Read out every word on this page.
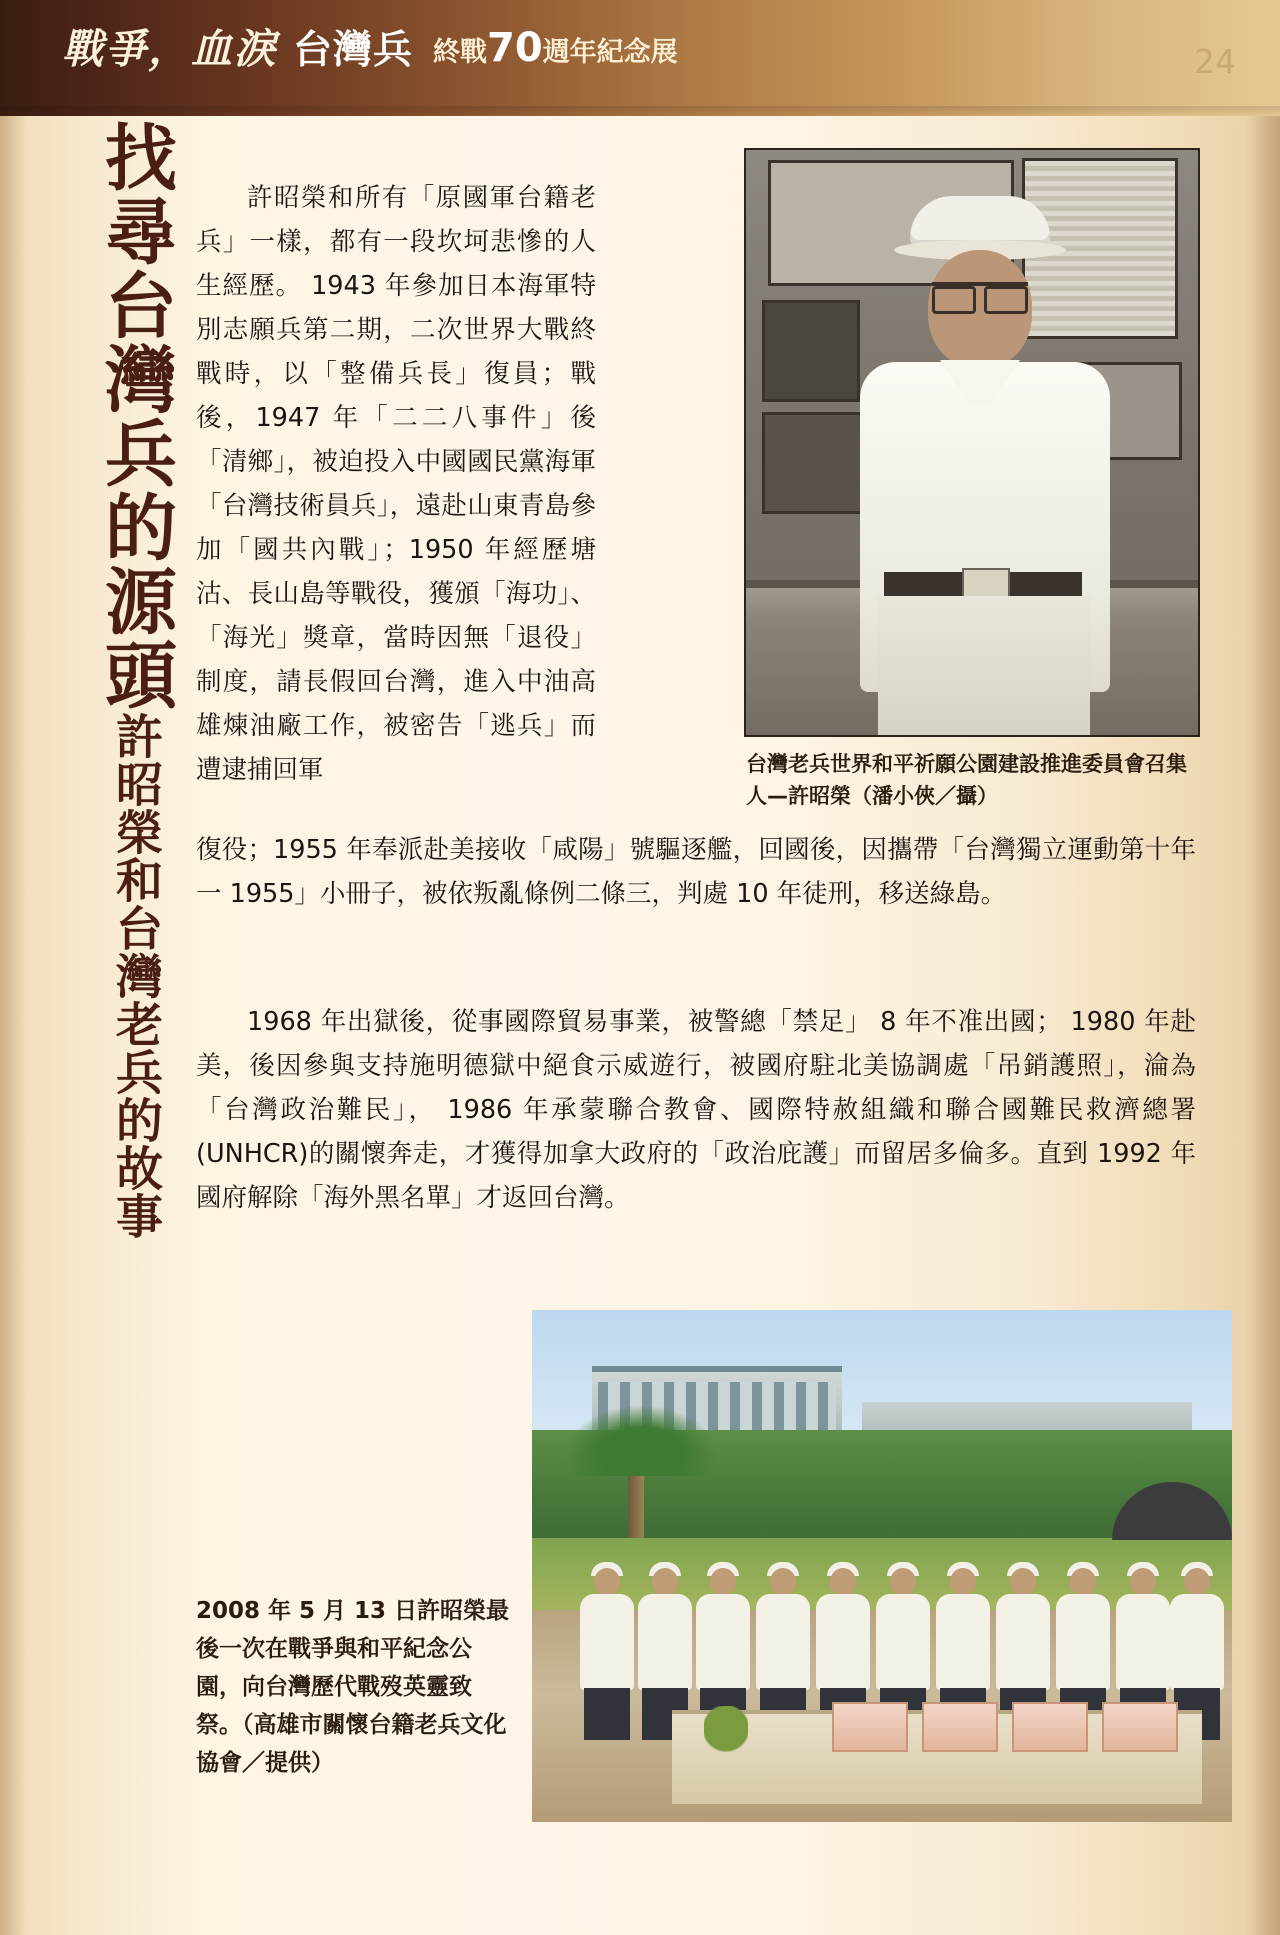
戰爭，血淚 台灣兵 終戰70週年紀念展	24
找尋台灣兵的源頭許昭榮和台灣老兵的故事
許昭榮和所有「原國軍台籍老兵」一樣，都有一段坎坷悲慘的人生經歷。 1943 年參加日本海軍特別志願兵第二期，二次世界大戰終戰時，以「整備兵長」復員；戰後，1947 年「二二八事件」後「清鄉」，被迫投入中國國民黨海軍「台灣技術員兵」，遠赴山東青島參加「國共內戰」；1950 年經歷塘沽、長山島等戰役，獲頒「海功」、「海光」獎章，當時因無「退役」制度，請長假回台灣，進入中油高雄煉油廠工作，被密告「逃兵」而遭逮捕回軍
復役；1955 年奉派赴美接收「咸陽」號驅逐艦，回國後，因攜帶「台灣獨立運動第十年一 1955」小冊子，被依叛亂條例二條三，判處 10 年徒刑，移送綠島。
1968 年出獄後，從事國際貿易事業，被警總「禁足」 8 年不准出國； 1980 年赴美，後因參與支持施明德獄中絕食示威遊行，被國府駐北美協調處「吊銷護照」，淪為「台灣政治難民」， 1986 年承蒙聯合教會、國際特赦組織和聯合國難民救濟總署(UNHCR)的關懷奔走，才獲得加拿大政府的「政治庇護」而留居多倫多。直到 1992 年國府解除「海外黑名單」才返回台灣。
台灣老兵世界和平祈願公園建設推進委員會召集人—許昭榮（潘小俠／攝）
2008 年 5 月 13 日許昭榮最後一次在戰爭與和平紀念公園，向台灣歷代戰歿英靈致祭。（高雄市關懷台籍老兵文化協會／提供）
